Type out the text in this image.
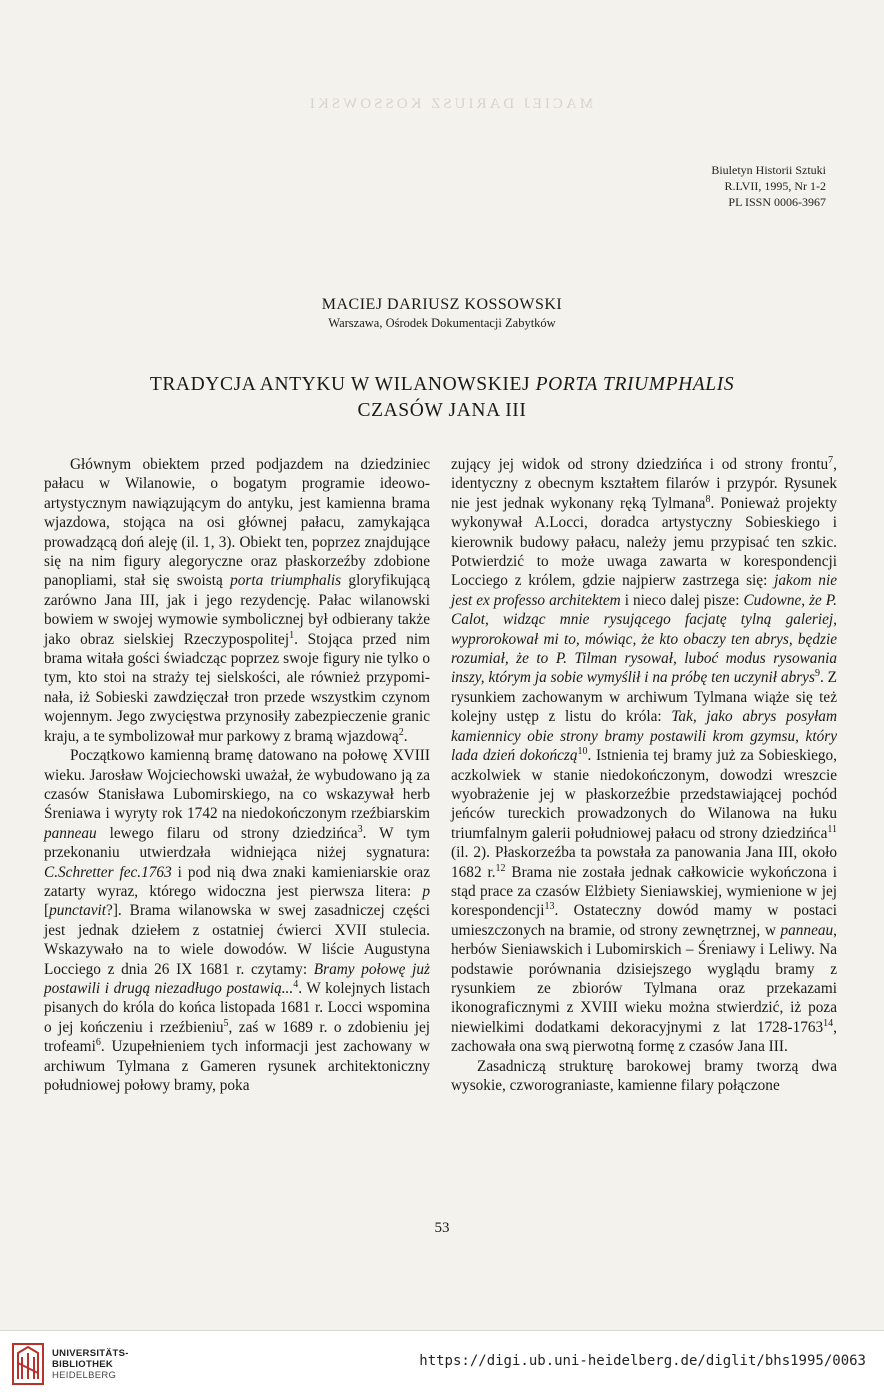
MACIEJ DARIUSZ KOSSOWSKI
Biuletyn Historii Sztuki
R.LVII, 1995, Nr 1-2
PL ISSN 0006-3967
MACIEJ DARIUSZ KOSSOWSKI
Warszawa, Ośrodek Dokumentacji Zabytków
TRADYCJA ANTYKU W WILANOWSKIEJ PORTA TRIUMPHALIS
CZASÓW JANA III

Głównym obiektem przed podjazdem na dziedziniec pałacu w Wilanowie, o bogatym programie ideowo-artystycznym nawiązującym do antyku, jest kamienna brama wjazdowa, stojąca na osi głównej pałacu, zamykająca prowadzącą doń aleję (il. 1, 3). Obiekt ten, poprzez znajdujące się na nim figury alegoryczne oraz płaskorzeźby zdobione panopliami, stał się swoistą porta triumphalis gloryfikującą zarówno Jana III, jak i jego rezydencję. Pałac wilanowski bowiem w swojej wymowie symbolicznej był odbierany także jako obraz sielskiej Rzeczypospolitej$^1$. Stojąca przed nim brama witała gości świadcząc poprzez swoje figury nie tylko o tym, kto stoi na straży tej sielskości, ale również przypominała, iż Sobieski zawdzięczał tron przede wszystkim czynom wojennym. Jego zwycięstwa przynosiły zabezpieczenie granic kraju, a te symbolizował mur parkowy z bramą wjazdową$^2$.

Początkowo kamienną bramę datowano na połowę XVIII wieku. Jarosław Wojciechowski uważał, że wybudowano ją za czasów Stanisława Lubomirskiego, na co wskazywał herb Śreniawa i wyryty rok 1742 na niedokończonym rzeźbiarskim panneau lewego filaru od strony dziedzińca$^3$. W tym przekonaniu utwierdzała widniejąca niżej sygnatura: C.Schretter fec.1763 i pod nią dwa znaki kamieniarskie oraz zatarty wyraz, którego widoczna jest pierwsza litera: p [punctavit?]. Brama wilanowska w swej zasadniczej części jest jednak dziełem z ostatniej ćwierci XVII stulecia. Wskazywało na to wiele dowodów. W liście Augustyna Locciego z dnia 26 IX 1681 r. czytamy: Bramy połowę już postawili i drugą niezadługo postawią...$^4$. W kolejnych listach pisanych do króla do końca listopada 1681 r. Locci wspomina o jej kończeniu i rzeźbieniu$^5$, zaś w 1689 r. o zdobieniu jej trofeami$^6$. Uzupełnieniem tych informacji jest zachowany w archiwum Tylmana z Gameren rysunek architektoniczny południowej połowy bramy, poka

zujący jej widok od strony dziedzińca i od strony frontu$^7$, identyczny z obecnym kształtem filarów i przypór. Rysunek nie jest jednak wykonany ręką Tylmana$^8$. Ponieważ projekty wykonywał A.Locci, doradca artystyczny Sobieskiego i kierownik budowy pałacu, należy jemu przypisać ten szkic. Potwierdzić to może uwaga zawarta w korespondencji Locciego z królem, gdzie najpierw zastrzega się: jakom nie jest ex professo architektem i nieco dalej pisze: Cudowne, że P. Calot, widząc mnie rysującego facjatę tylną galeriej, wyprorokował mi to, mówiąc, że kto obaczy ten abrys, będzie rozumiał, że to P. Tilman rysował, luboć modus rysowania inszy, którym ja sobie wymyślił i na próbę ten uczynił abrys$^9$. Z rysunkiem zachowanym w archiwum Tylmana wiąże się też kolejny ustęp z listu do króla: Tak, jako abrys posyłam kamiennicy obie strony bramy postawili krom gzymsu, który lada dzień dokończą$^{10}$. Istnienia tej bramy już za Sobieskiego, aczkolwiek w stanie niedokończonym, dowodzi wreszcie wyobrażenie jej w płaskorzeźbie przedstawiającej pochód jeńców tureckich prowadzonych do Wilanowa na łuku triumfalnym galerii południowej pałacu od strony dziedzińca$^{11}$ (il. 2). Płaskorzeźba ta powstała za panowania Jana III, około 1682 r.$^{12}$ Brama nie została jednak całkowicie wykończona i stąd prace za czasów Elżbiety Sieniawskiej, wymienione w jej korespondencji$^{13}$. Ostateczny dowód mamy w postaci umieszczonych na bramie, od strony zewnętrznej, w panneau, herbów Sieniawskich i Lubomirskich – Śreniawy i Leliwy. Na podstawie porównania dzisiejszego wyglądu bramy z rysunkiem ze zbiorów Tylmana oraz przekazami ikonograficznymi z XVIII wieku można stwierdzić, iż poza niewielkimi dodatkami dekoracyjnymi z lat 1728-1763$^{14}$, zachowała ona swą pierwotną formę z czasów Jana III.

Zasadniczą strukturę barokowej bramy tworzą dwa wysokie, czworograniaste, kamienne filary połączone

53
UNIVERSITÄTS-
BIBLIOTHEK
HEIDELBERG
https://digi.ub.uni-heidelberg.de/diglit/bhs1995/0063
